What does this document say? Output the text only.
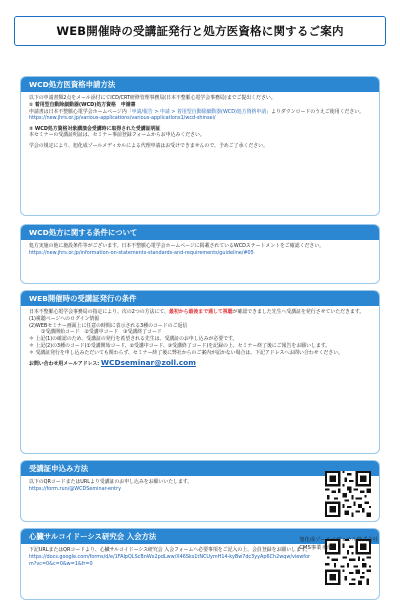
WEB開催時の受講証発行と処方医資格に関するご案内
WCD処方医資格申請方法

以下の申請書類2点をメール添付にてICD/CRT研修管理事務局(日本不整脈心電学会事務局)までご提出ください。

① 着用型自動除細動器(WCD)処方資格　申請書

申請書は日本不整脈心電学会ホームページ内「申請/報告 > 申請 > 着用型自動除細動器(WCD)処方資格申請」よりダウンロードのうえご使用ください。

https://new.jhrs.or.jp/various-applications/various-applications1/wcd-shinsei/

② WCD処方資格対象講演会受講時に取得された受講証明証

本セミナーの受講証明証は、セミナー事前登録フォームからお申込みください。

学会の規定により、旭化成ゾールメディカルによる代理申請はお受けできませんので、予めご了承ください。

WCD処方に関する条件について

処方実施の他に施設条件等がございます。日本不整脈心電学会ホームページに掲載されているWCDステートメントをご確認ください。

https://new.jhrs.or.jp/information-on-statements-standards-and-requirements/guideline/#05

WEB開催時の受講証発行の条件

日本不整脈心電学会事務局の指定により、次の2つの方法にて、最初から最後まで通して視聴が確認できました先生へ受講証を発行させていただきます。

(1)視聴ページへのログイン情報

(2)WEBセミナー画面上に任意の時間に表示される3種のコードのご返信

①受講開始コード　②受講中コード　③受講終了コード

＊ 上記(1)の確認のため、受講証の発行を希望される先生は、受講証のお申し込みが必要です。

＊ 上記(2)の3種のコード(①受講開始コード、②受講中コード、③受講終了コード)を記録の上、セミナー終了後にご報告をお願いします。

＊ 受講証発行を申し込みただいても関わらず、セミナー終了後に弊社からのご案内が届かない場合は、下記アドレスへお問い合わせください。

お問い合わせ用メールアドレス: WCDseminar@zoll.com

受講証申込み方法

以下のQRコードまたはURLより受講証のお申し込みをお願いいたします。

https://form.run/@WCDSeminar-entry

心臓サルコイドーシス研究会 入会方法

下記URLまたはQRコードより、心臓サルコイドーシス研究会 入会フォームへ必要事項をご記入の上、会員登録をお願いします。

https://docs.google.com/forms/d/e/1FAIpQLScBnWx2pdLww/X46Sks1tNCUymH14-kyBw7dc3yyAp6Ch2wqw/viewform?vc=0&c=0&w=1&fr=0

旭化成ゾールメディカル株式会社
CMS事業本部
